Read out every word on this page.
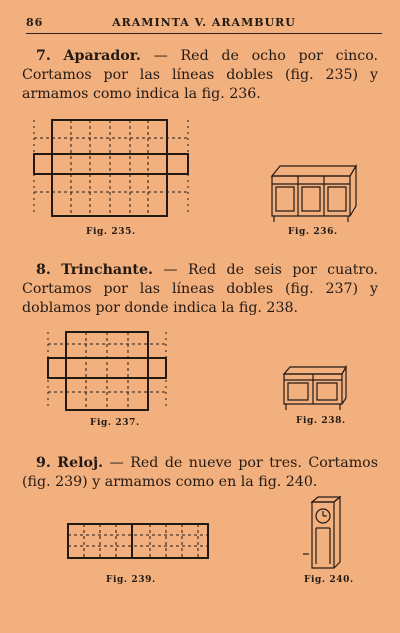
86	ARAMINTA V. ARAMBURU

7. Aparador. — Red de ocho por cinco. Cortamos por las líneas dobles (fig. 235) y armamos como indica la fig. 236.

Fig. 235.	Fig. 236.

8. Trinchante. — Red de seis por cuatro. Cortamos por las líneas dobles (fig. 237) y doblamos por donde indica la fig. 238.

Fig. 237.	Fig. 238.

9. Reloj. — Red de nueve por tres. Cortamos (fig. 239) y armamos como en la fig. 240.

Fig. 239.	Fig. 240.
